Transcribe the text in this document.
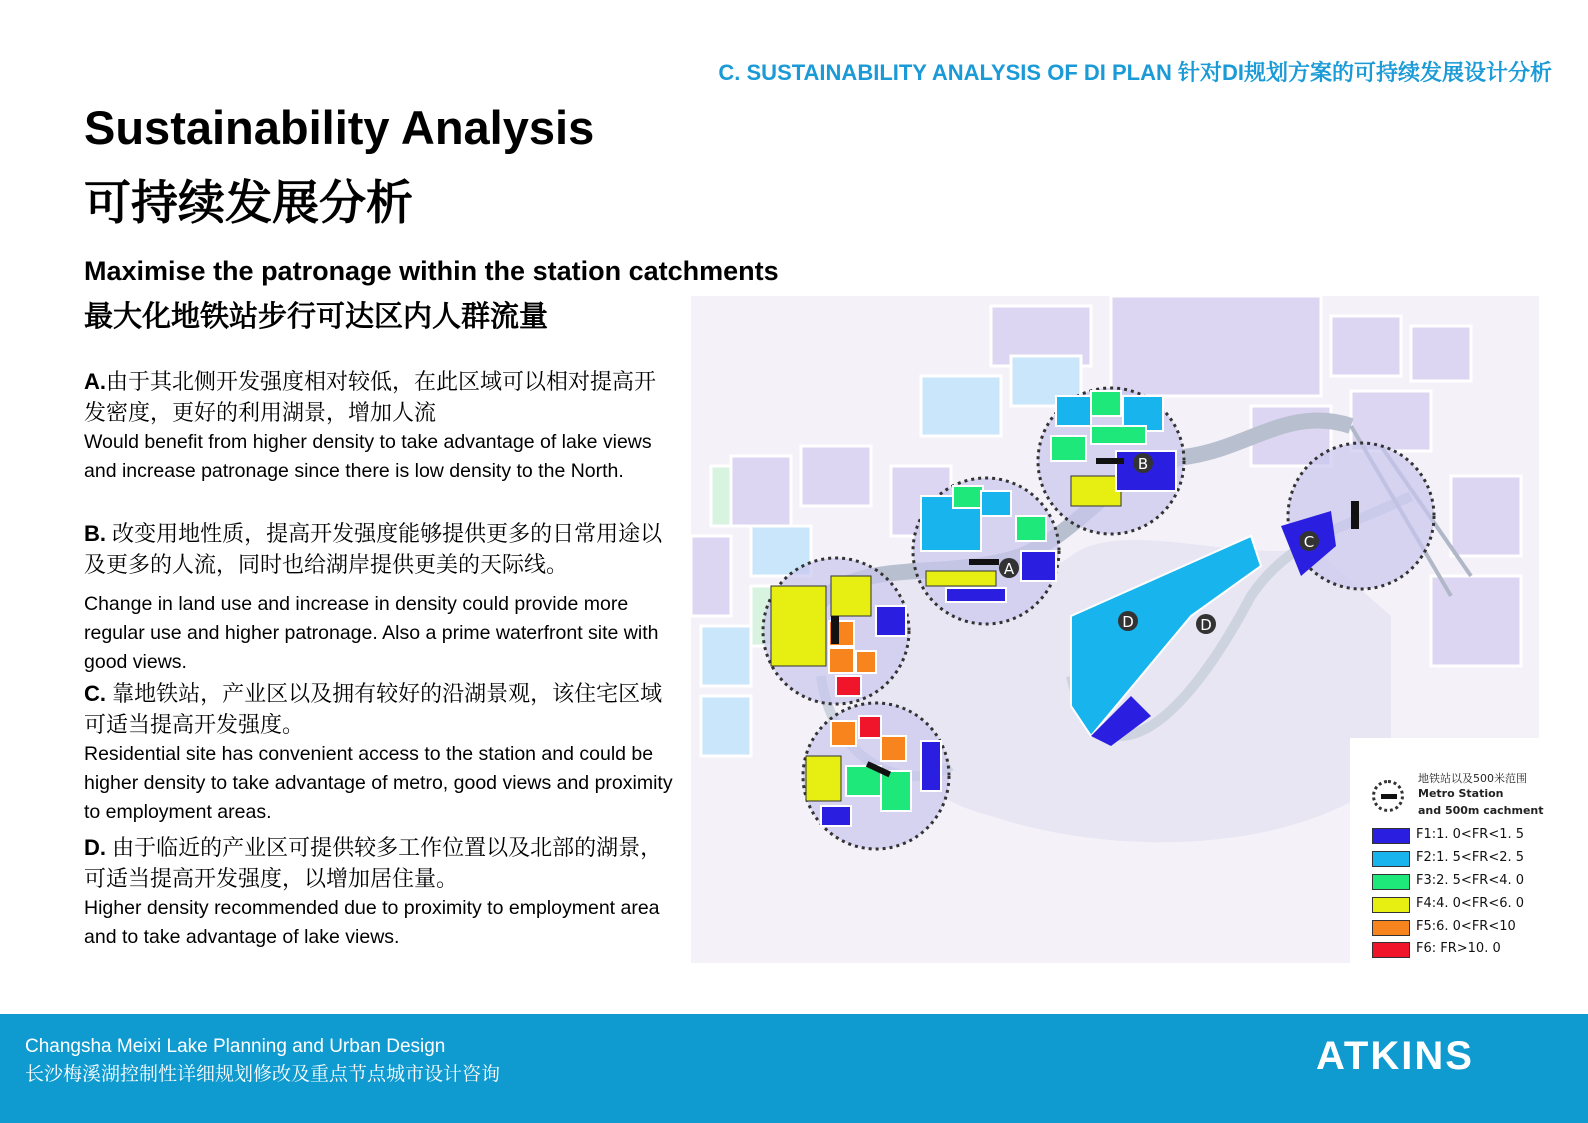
C. SUSTAINABILITY ANALYSIS OF DI PLAN 针对DI规划方案的可持续发展设计分析
Sustainability Analysis
可持续发展分析
Maximise the patronage within the station catchments
最大化地铁站步行可达区内人群流量
A.由于其北侧开发强度相对较低，在此区域可以相对提高开发密度，更好的利用湖景，增加人流
Would benefit from higher density to take advantage of lake views and increase patronage since there is low density to the North.
B. 改变用地性质，提高开发强度能够提供更多的日常用途以及更多的人流，同时也给湖岸提供更美的天际线。
Change in land use and increase in density could provide more regular use and higher patronage. Also a prime waterfront site with good views.
C. 靠地铁站，产业区以及拥有较好的沿湖景观，该住宅区域可适当提高开发强度。
Residential site has convenient access to the station and could be higher density to take advantage of metro, good views and proximity to employment areas.
D. 由于临近的产业区可提供较多工作位置以及北部的湖景，可适当提高开发强度，以增加居住量。
Higher density recommended due to proximity to employment area and to take advantage of lake views.
A
B
C
D	D
地铁站以及500米范围
Metro Station
and 500m cachment
F1:1. 0<FR<1. 5
F2:1. 5<FR<2. 5
F3:2. 5<FR<4. 0
F4:4. 0<FR<6. 0
F5:6. 0<FR<10
F6: FR>10. 0
Changsha Meixi Lake Planning and Urban Design
长沙梅溪湖控制性详细规划修改及重点节点城市设计咨询	ATKINS
